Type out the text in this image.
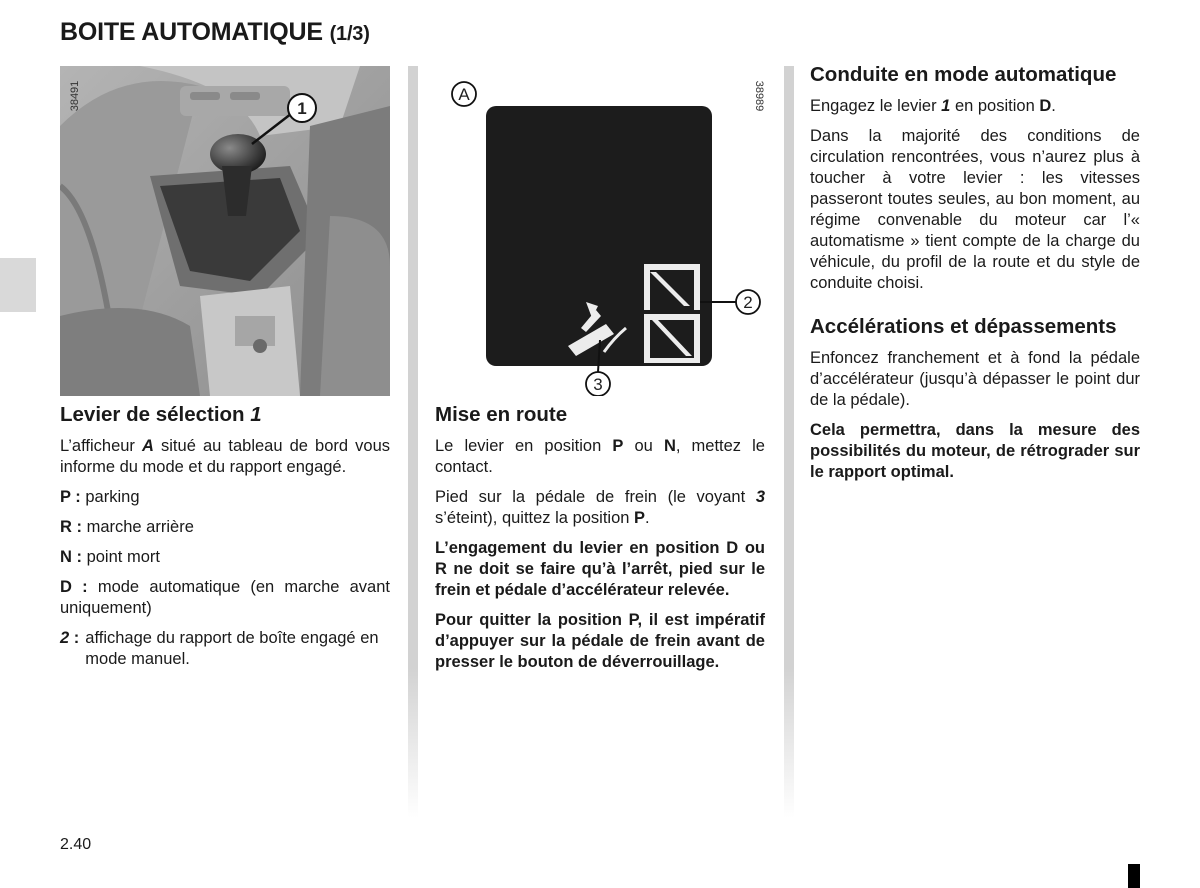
BOITE AUTOMATIQUE (1/3)
1
38491	A	38989
2
3
Levier de sélection 1

L’afficheur A situé au tableau de bord vous informe du mode et du rapport engagé.

P : parking

R : marche arrière

N : point mort

D : mode automatique (en marche avant uniquement)

2 : affichage du rapport de boîte engagé en mode manuel.
Mise en route

Le levier en position P ou N, mettez le contact.

Pied sur la pédale de frein (le voyant 3 s’éteint), quittez la position P.

L’engagement du levier en position D ou R ne doit se faire qu’à l’arrêt, pied sur le frein et pédale d’accélérateur relevée.

Pour quitter la position P, il est impératif d’appuyer sur la pédale de frein avant de presser le bouton de déverrouillage.

Conduite en mode automatique

Engagez le levier 1 en position D.

Dans la majorité des conditions de circulation rencontrées, vous n’aurez plus à toucher à votre levier : les vitesses passeront toutes seules, au bon moment, au régime convenable du moteur car l’« automatisme » tient compte de la charge du véhicule, du profil de la route et du style de conduite choisi.

Accélérations et dépassements

Enfoncez franchement et à fond la pédale d’accélérateur (jusqu’à dépasser le point dur de la pédale).

Cela permettra, dans la mesure des possibilités du moteur, de rétrograder sur le rapport optimal.

2.40
